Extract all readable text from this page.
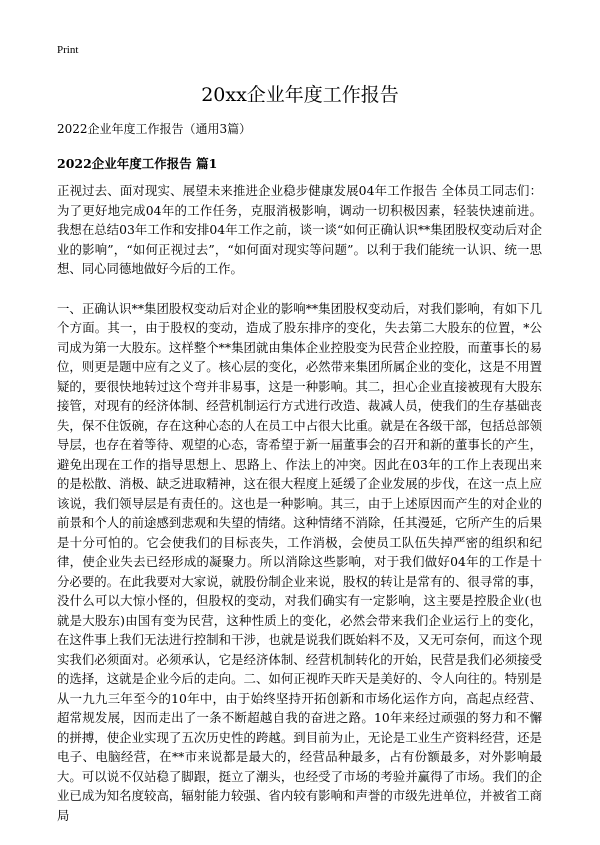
Print
20xx企业年度工作报告
2022企业年度工作报告（通用3篇）
2022企业年度工作报告 篇1

正视过去、面对现实、展望未来推进企业稳步健康发展04年工作报告 全体员工同志们：为了更好地完成04年的工作任务，克服消极影响，调动一切积极因素，轻装快速前进。我想在总结03年工作和安排04年工作之前，谈一谈“如何正确认识**集团股权变动后对企业的影响”，“如何正视过去”，“如何面对现实等问题”。以利于我们能统一认识、统一思想、同心同德地做好今后的工作。

一、正确认识**集团股权变动后对企业的影响**集团股权变动后，对我们影响，有如下几个方面。其一，由于股权的变动，造成了股东排序的变化，失去第二大股东的位置，*公司成为第一大股东。这样整个**集团就由集体企业控股变为民营企业控股，而董事长的易位，则更是题中应有之义了。核心层的变化，必然带来集团所属企业的变化，这是不用置疑的，要很快地转过这个弯并非易事，这是一种影响。其二，担心企业直接被现有大股东接管，对现有的经济体制、经营机制运行方式进行改造、裁减人员，使我们的生存基础丧失，保不住饭碗，存在这种心态的人在员工中占很大比重。就是在各级干部，包括总部领导层，也存在着等待、观望的心态，寄希望于新一届董事会的召开和新的董事长的产生，避免出现在工作的指导思想上、思路上、作法上的冲突。因此在03年的工作上表现出来的是松散、消极、缺乏进取精神，这在很大程度上延缓了企业发展的步伐，在这一点上应该说，我们领导层是有责任的。这也是一种影响。其三，由于上述原因而产生的对企业的前景和个人的前途感到悲观和失望的情绪。这种情绪不消除，任其漫延，它所产生的后果是十分可怕的。它会使我们的目标丧失，工作消极，会使员工队伍失掉严密的组织和纪律，使企业失去已经形成的凝聚力。所以消除这些影响，对于我们做好04年的工作是十分必要的。在此我要对大家说，就股份制企业来说，股权的转让是常有的、很寻常的事，没什么可以大惊小怪的，但股权的变动，对我们确实有一定影响，这主要是控股企业(也就是大股东)由国有变为民营，这种性质上的变化，必然会带来我们企业运行上的变化，在这件事上我们无法进行控制和干涉，也就是说我们既始料不及，又无可奈何，而这个现实我们必须面对。必须承认，它是经济体制、经营机制转化的开始，民营是我们必须接受的选择，这就是企业今后的走向。二、如何正视昨天昨天是美好的、令人向往的。特别是从一九九三年至今的10年中，由于始终坚持开拓创新和市场化运作方向，高起点经营、超常规发展，因而走出了一条不断超越自我的奋进之路。10年来经过顽强的努力和不懈的拼搏，使企业实现了五次历史性的跨越。到目前为止，无论是工业生产资料经营，还是电子、电脑经营，在**市来说都是最大的，经营品种最多，占有份额最多，对外影响最大。可以说不仅站稳了脚跟，挺立了潮头，也经受了市场的考验并赢得了市场。我们的企业已成为知名度较高，辐射能力较强、省内较有影响和声誉的市级先进单位，并被省工商局
